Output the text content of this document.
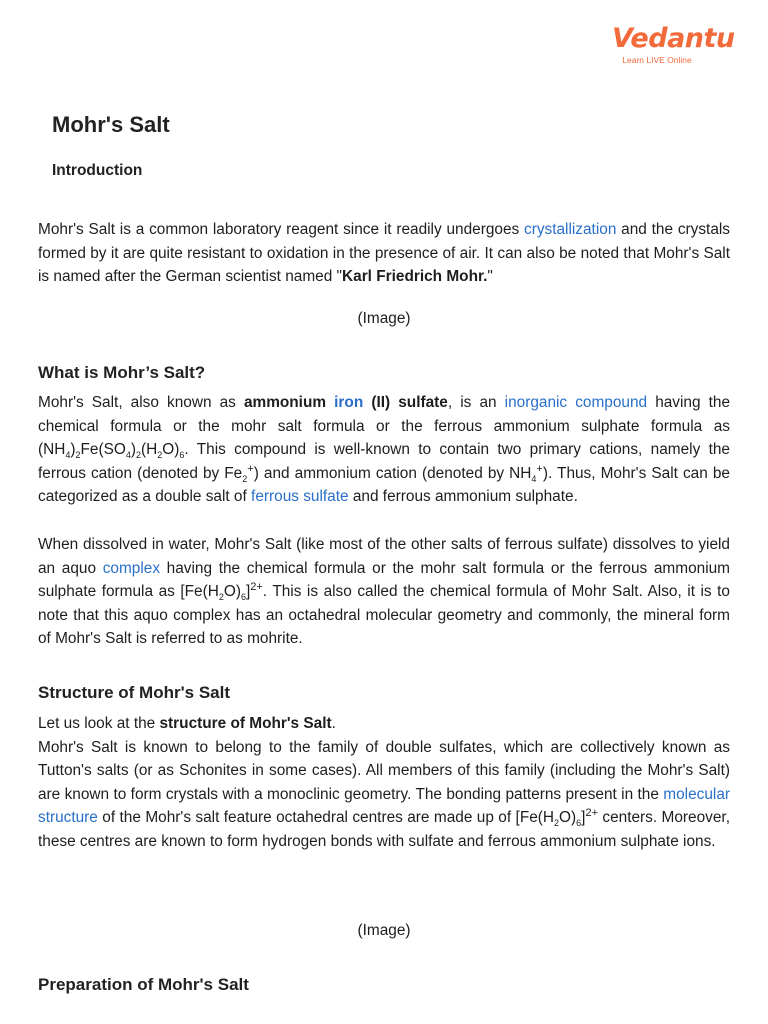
Vedantu
Learn LIVE Online
Mohr's Salt
Introduction

Mohr's Salt is a common laboratory reagent since it readily undergoes crystallization and the crystals formed by it are quite resistant to oxidation in the presence of air. It can also be noted that Mohr's Salt is named after the German scientist named "Karl Friedrich Mohr."

(Image)
What is Mohr’s Salt?

Mohr's Salt, also known as ammonium iron (II) sulfate, is an inorganic compound having the chemical formula or the mohr salt formula or the ferrous ammonium sulphate formula as $(NH_4)_2Fe(SO_4)_2(H_2O)_6$. This compound is well-known to contain two primary cations, namely the ferrous cation (denoted by $Fe_2^+$) and ammonium cation (denoted by $NH_4^+$). Thus, Mohr's Salt can be categorized as a double salt of ferrous sulfate and ferrous ammonium sulphate.

When dissolved in water, Mohr's Salt (like most of the other salts of ferrous sulfate) dissolves to yield an aquo complex having the chemical formula or the mohr salt formula or the ferrous ammonium sulphate formula as $[Fe(H_2O)_6]^{2+}$. This is also called the chemical formula of Mohr Salt. Also, it is to note that this aquo complex has an octahedral molecular geometry and commonly, the mineral form of Mohr's Salt is referred to as mohrite.

Structure of Mohr's Salt

Let us look at the structure of Mohr's Salt.

Mohr's Salt is known to belong to the family of double sulfates, which are collectively known as Tutton's salts (or as Schonites in some cases). All members of this family (including the Mohr's Salt) are known to form crystals with a monoclinic geometry. The bonding patterns present in the molecular structure of the Mohr's salt feature octahedral centres are made up of $[Fe(H_2O)_6]^{2+}$ centers. Moreover, these centres are known to form hydrogen bonds with sulfate and ferrous ammonium sulphate ions.

(Image)
Preparation of Mohr's Salt
